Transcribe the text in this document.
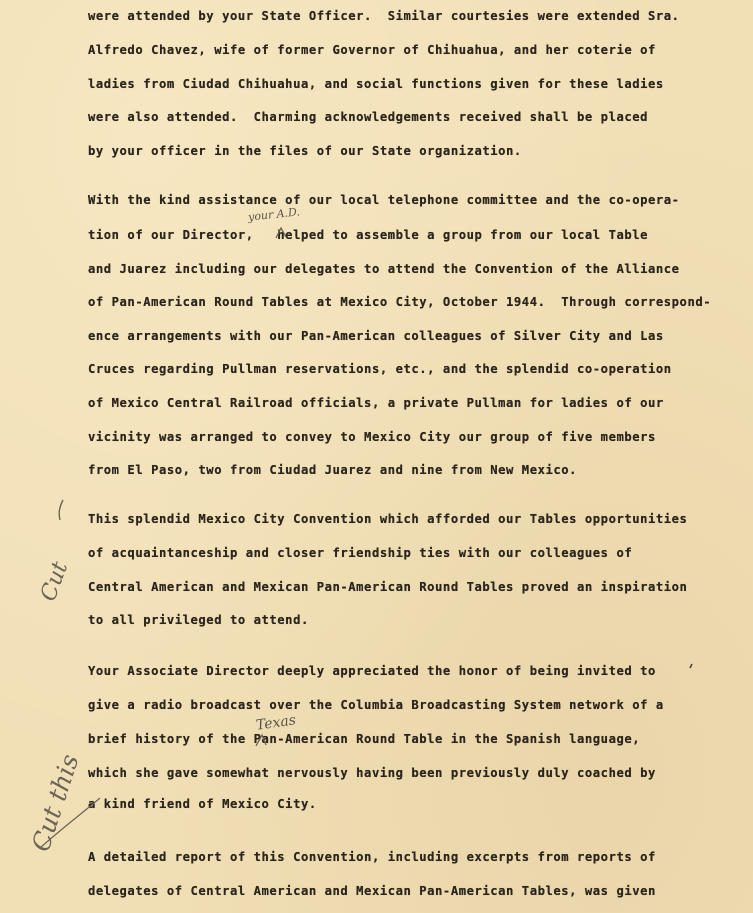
were attended by your State Officer.  Similar courtesies were extended Sra.
Alfredo Chavez, wife of former Governor of Chihuahua, and her coterie of
ladies from Ciudad Chihuahua, and social functions given for these ladies
were also attended.  Charming acknowledgements received shall be placed
by your officer in the files of our State organization.
With the kind assistance of our local telephone committee and the co-opera-
tion of our Director,   helped to assemble a group from our local Table
and Juarez including our delegates to attend the Convention of the Alliance
of Pan-American Round Tables at Mexico City, October 1944.  Through correspond-
ence arrangements with our Pan-American colleagues of Silver City and Las
Cruces regarding Pullman reservations, etc., and the splendid co-operation
of Mexico Central Railroad officials, a private Pullman for ladies of our
vicinity was arranged to convey to Mexico City our group of five members
from El Paso, two from Ciudad Juarez and nine from New Mexico.
This splendid Mexico City Convention which afforded our Tables opportunities
of acquaintanceship and closer friendship ties with our colleagues of
Central American and Mexican Pan-American Round Tables proved an inspiration
to all privileged to attend.
Your Associate Director deeply appreciated the honor of being invited to
give a radio broadcast over the Columbia Broadcasting System network of a
brief history of the Pan-American Round Table in the Spanish language,
which she gave somewhat nervously having been previously duly coached by
a kind friend of Mexico City.
A detailed report of this Convention, including excerpts from reports of
delegates of Central American and Mexican Pan-American Tables, was given
your A.D.
Texas
Cut
Cut this
